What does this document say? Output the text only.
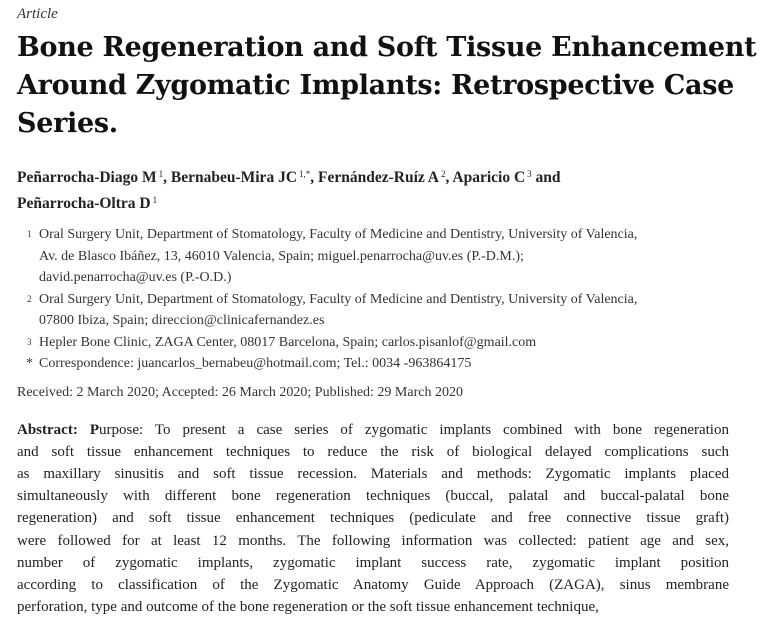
Article

Bone Regeneration and Soft Tissue Enhancement
Around Zygomatic Implants: Retrospective Case
Series.
Peñarrocha-Diago M $^1$, Bernabeu-Mira JC $^{1,*}$, Fernández-Ruíz A $^2$, Aparicio C $^3$ and
Peñarrocha-Oltra D $^1$
1 Oral Surgery Unit, Department of Stomatology, Faculty of Medicine and Dentistry, University of Valencia,
Av. de Blasco Ibáñez, 13, 46010 Valencia, Spain; miguel.penarrocha@uv.es (P.-D.M.);
david.penarrocha@uv.es (P.-O.D.)
2 Oral Surgery Unit, Department of Stomatology, Faculty of Medicine and Dentistry, University of Valencia,
07800 Ibiza, Spain; direccion@clinicafernandez.es
3 Hepler Bone Clinic, ZAGA Center, 08017 Barcelona, Spain; carlos.pisanlof@gmail.com
* Correspondence: juancarlos_bernabeu@hotmail.com; Tel.: 0034 -963864175

Received: 2 March 2020; Accepted: 26 March 2020; Published: 29 March 2020

Abstract: Purpose: To present a case series of zygomatic implants combined with bone regeneration
and soft tissue enhancement techniques to reduce the risk of biological delayed complications such
as maxillary sinusitis and soft tissue recession. Materials and methods: Zygomatic implants placed
simultaneously with different bone regeneration techniques (buccal, palatal and buccal-palatal bone
regeneration) and soft tissue enhancement techniques (pediculate and free connective tissue graft)
were followed for at least 12 months. The following information was collected: patient age and sex,
number of zygomatic implants, zygomatic implant success rate, zygomatic implant position
according to classification of the Zygomatic Anatomy Guide Approach (ZAGA), sinus membrane
perforation, type and outcome of the bone regeneration or the soft tissue enhancement technique,
